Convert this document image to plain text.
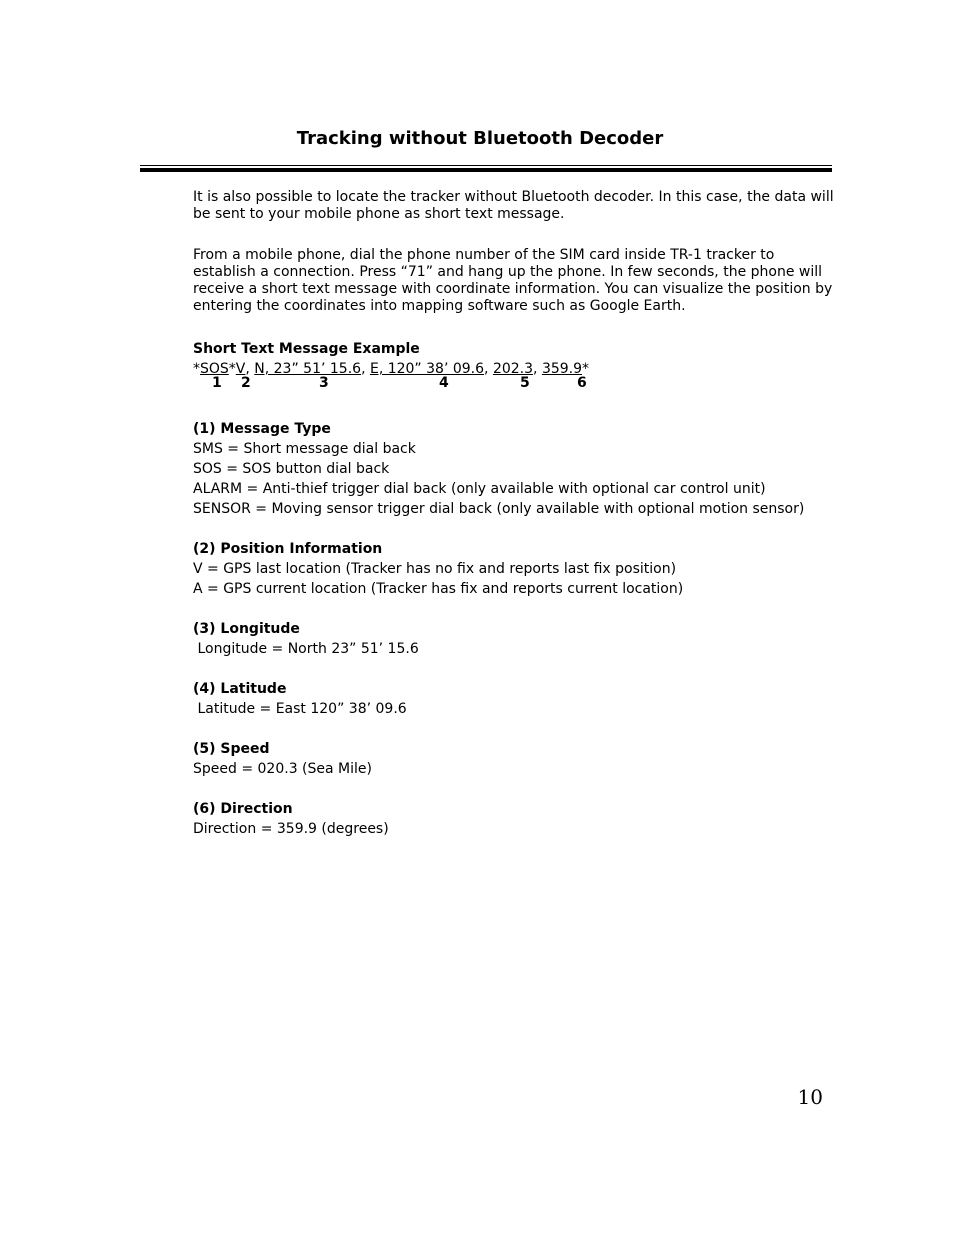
Tracking without Bluetooth Decoder

It is also possible to locate the tracker without Bluetooth decoder. In this case, the data will be sent to your mobile phone as short text message.

From a mobile phone, dial the phone number of the SIM card inside TR-1 tracker to establish a connection. Press “71” and hang up the phone. In few seconds, the phone will receive a short text message with coordinate information. You can visualize the position by entering the coordinates into mapping software such as Google Earth.

Short Text Message Example

*SOS*V, N, 23” 51’ 15.6, E, 120” 38’ 09.6, 202.3, 359.9*

1 2	3	4	5	6

(1) Message Type

SMS = Short message dial back

SOS = SOS button dial back

ALARM = Anti-thief trigger dial back (only available with optional car control unit)

SENSOR = Moving sensor trigger dial back (only available with optional motion sensor)

(2) Position Information

V = GPS last location (Tracker has no fix and reports last fix position)

A = GPS current location (Tracker has fix and reports current location)

(3) Longitude

Longitude = North 23” 51’ 15.6

(4) Latitude

Latitude = East 120” 38’ 09.6

(5) Speed

Speed = 020.3 (Sea Mile)

(6) Direction

Direction = 359.9 (degrees)

10
